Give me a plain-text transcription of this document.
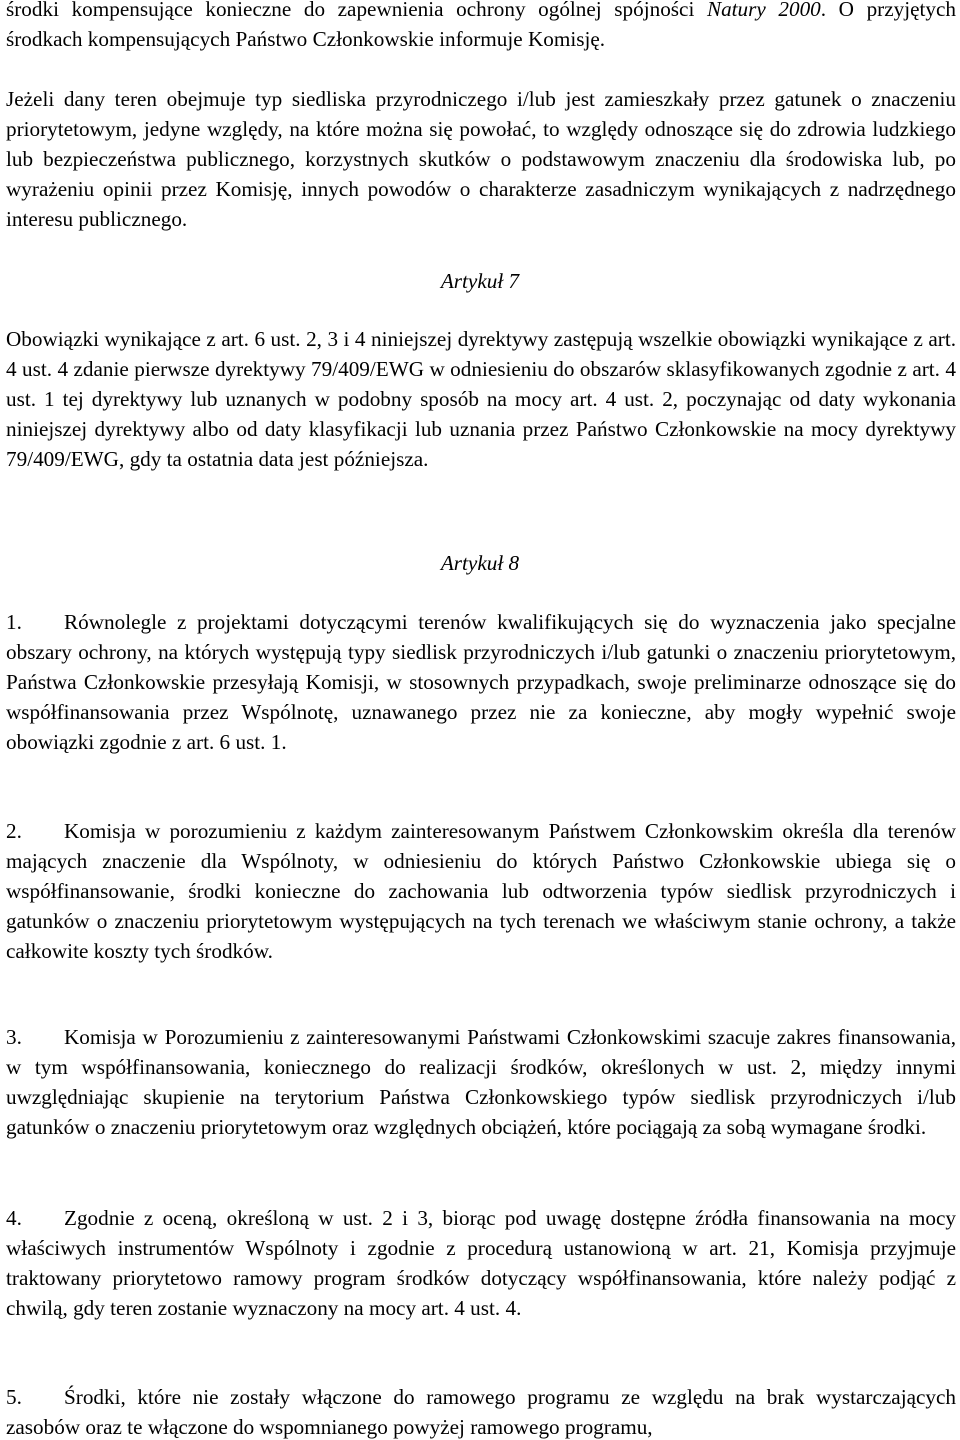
środki kompensujące konieczne do zapewnienia ochrony ogólnej spójności Natury 2000. O przyjętych środkach kompensujących Państwo Członkowskie informuje Komisję.

Jeżeli dany teren obejmuje typ siedliska przyrodniczego i/lub jest zamieszkały przez gatunek o znaczeniu priorytetowym, jedyne względy, na które można się powołać, to względy odnoszące się do zdrowia ludzkiego lub bezpieczeństwa publicznego, korzystnych skutków o podstawowym znaczeniu dla środowiska lub, po wyrażeniu opinii przez Komisję, innych powodów o charakterze zasadniczym wynikających z nadrzędnego interesu publicznego.

Artykuł 7

Obowiązki wynikające z art. 6 ust. 2, 3 i 4 niniejszej dyrektywy zastępują wszelkie obowiązki wynikające z art. 4 ust. 4 zdanie pierwsze dyrektywy 79/409/EWG w odniesieniu do obszarów sklasyfikowanych zgodnie z art. 4 ust. 1 tej dyrektywy lub uznanych w podobny sposób na mocy art. 4 ust. 2, poczynając od daty wykonania niniejszej dyrektywy albo od daty klasyfikacji lub uznania przez Państwo Członkowskie na mocy dyrektywy 79/409/EWG, gdy ta ostatnia data jest późniejsza.

Artykuł 8

1. Równolegle z projektami dotyczącymi terenów kwalifikujących się do wyznaczenia jako specjalne obszary ochrony, na których występują typy siedlisk przyrodniczych i/lub gatunki o znaczeniu priorytetowym, Państwa Członkowskie przesyłają Komisji, w stosownych przypadkach, swoje preliminarze odnoszące się do współfinansowania przez Wspólnotę, uznawanego przez nie za konieczne, aby mogły wypełnić swoje obowiązki zgodnie z art. 6 ust. 1.

2. Komisja w porozumieniu z każdym zainteresowanym Państwem Członkowskim określa dla terenów mających znaczenie dla Wspólnoty, w odniesieniu do których Państwo Członkowskie ubiega się o współfinansowanie, środki konieczne do zachowania lub odtworzenia typów siedlisk przyrodniczych i gatunków o znaczeniu priorytetowym występujących na tych terenach we właściwym stanie ochrony, a także całkowite koszty tych środków.

3. Komisja w Porozumieniu z zainteresowanymi Państwami Członkowskimi szacuje zakres finansowania, w tym współfinansowania, koniecznego do realizacji środków, określonych w ust. 2, między innymi uwzględniając skupienie na terytorium Państwa Członkowskiego typów siedlisk przyrodniczych i/lub gatunków o znaczeniu priorytetowym oraz względnych obciążeń, które pociągają za sobą wymagane środki.

4. Zgodnie z oceną, określoną w ust. 2 i 3, biorąc pod uwagę dostępne źródła finansowania na mocy właściwych instrumentów Wspólnoty i zgodnie z procedurą ustanowioną w art. 21, Komisja przyjmuje traktowany priorytetowo ramowy program środków dotyczący współfinansowania, które należy podjąć z chwilą, gdy teren zostanie wyznaczony na mocy art. 4 ust. 4.

5. Środki, które nie zostały włączone do ramowego programu ze względu na brak wystarczających zasobów oraz te włączone do wspomnianego powyżej ramowego programu,
